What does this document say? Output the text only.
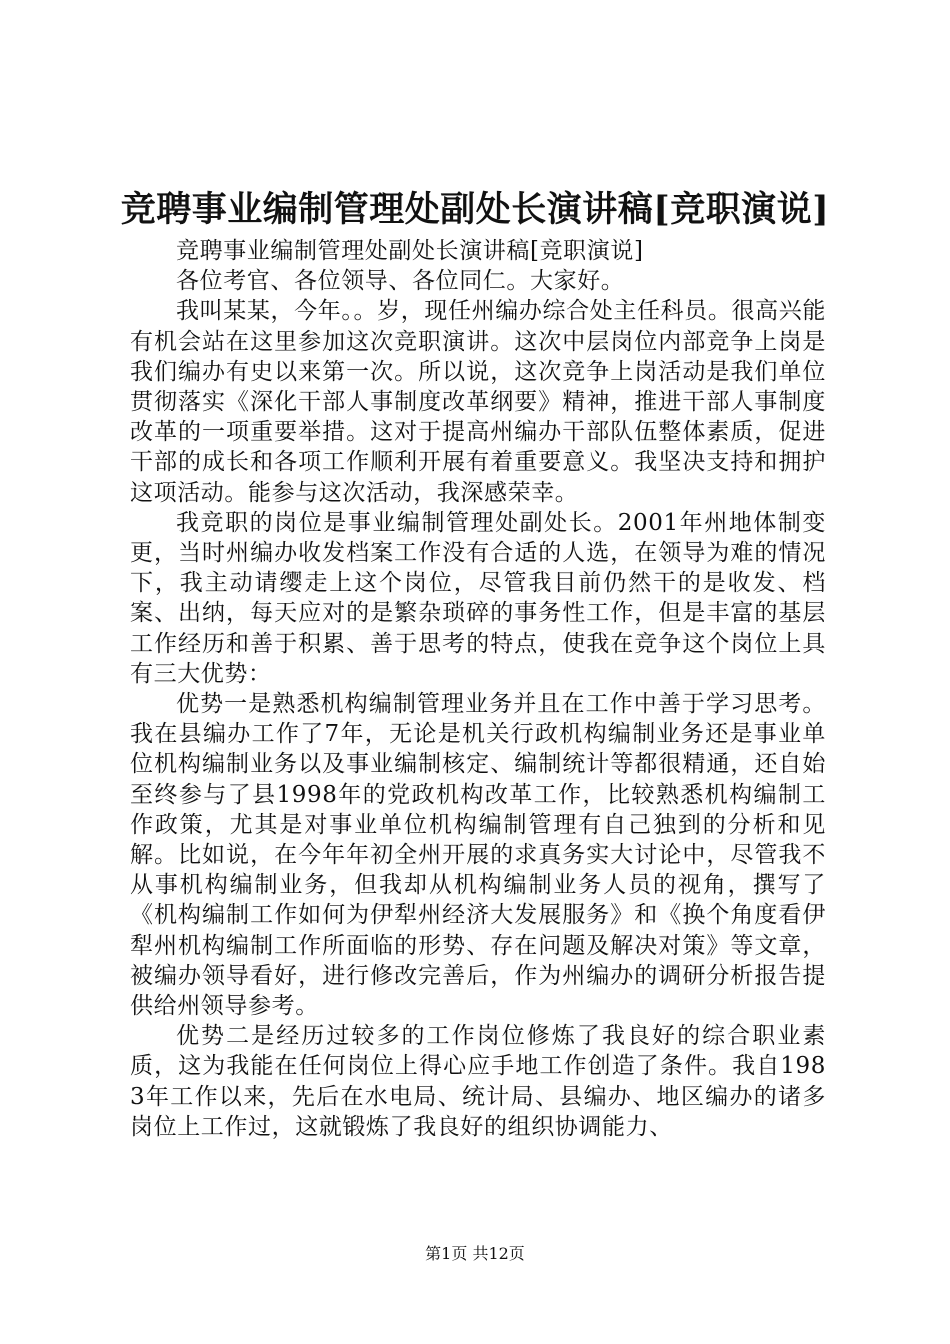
竞聘事业编制管理处副处长演讲稿[竞职演说]

竞聘事业编制管理处副处长演讲稿[竞职演说]

各位考官、各位领导、各位同仁。大家好。

我叫某某，今年。。岁，现任州编办综合处主任科员。很高兴能有机会站在这里参加这次竞职演讲。这次中层岗位内部竞争上岗是我们编办有史以来第一次。所以说，这次竞争上岗活动是我们单位贯彻落实《深化干部人事制度改革纲要》精神，推进干部人事制度改革的一项重要举措。这对于提高州编办干部队伍整体素质，促进干部的成长和各项工作顺利开展有着重要意义。我坚决支持和拥护这项活动。能参与这次活动，我深感荣幸。

我竞职的岗位是事业编制管理处副处长。2001年州地体制变更，当时州编办收发档案工作没有合适的人选，在领导为难的情况下，我主动请缨走上这个岗位，尽管我目前仍然干的是收发、档案、出纳，每天应对的是繁杂琐碎的事务性工作，但是丰富的基层工作经历和善于积累、善于思考的特点，使我在竞争这个岗位上具有三大优势：

优势一是熟悉机构编制管理业务并且在工作中善于学习思考。我在县编办工作了7年，无论是机关行政机构编制业务还是事业单位机构编制业务以及事业编制核定、编制统计等都很精通，还自始至终参与了县1998年的党政机构改革工作，比较熟悉机构编制工作政策，尤其是对事业单位机构编制管理有自己独到的分析和见解。比如说，在今年年初全州开展的求真务实大讨论中，尽管我不从事机构编制业务，但我却从机构编制业务人员的视角，撰写了《机构编制工作如何为伊犁州经济大发展服务》和《换个角度看伊犁州机构编制工作所面临的形势、存在问题及解决对策》等文章，被编办领导看好，进行修改完善后，作为州编办的调研分析报告提供给州领导参考。

优势二是经历过较多的工作岗位修炼了我良好的综合职业素质，这为我能在任何岗位上得心应手地工作创造了条件。我自1983年工作以来，先后在水电局、统计局、县编办、地区编办的诸多岗位上工作过，这就锻炼了我良好的组织协调能力、

第1页 共12页
